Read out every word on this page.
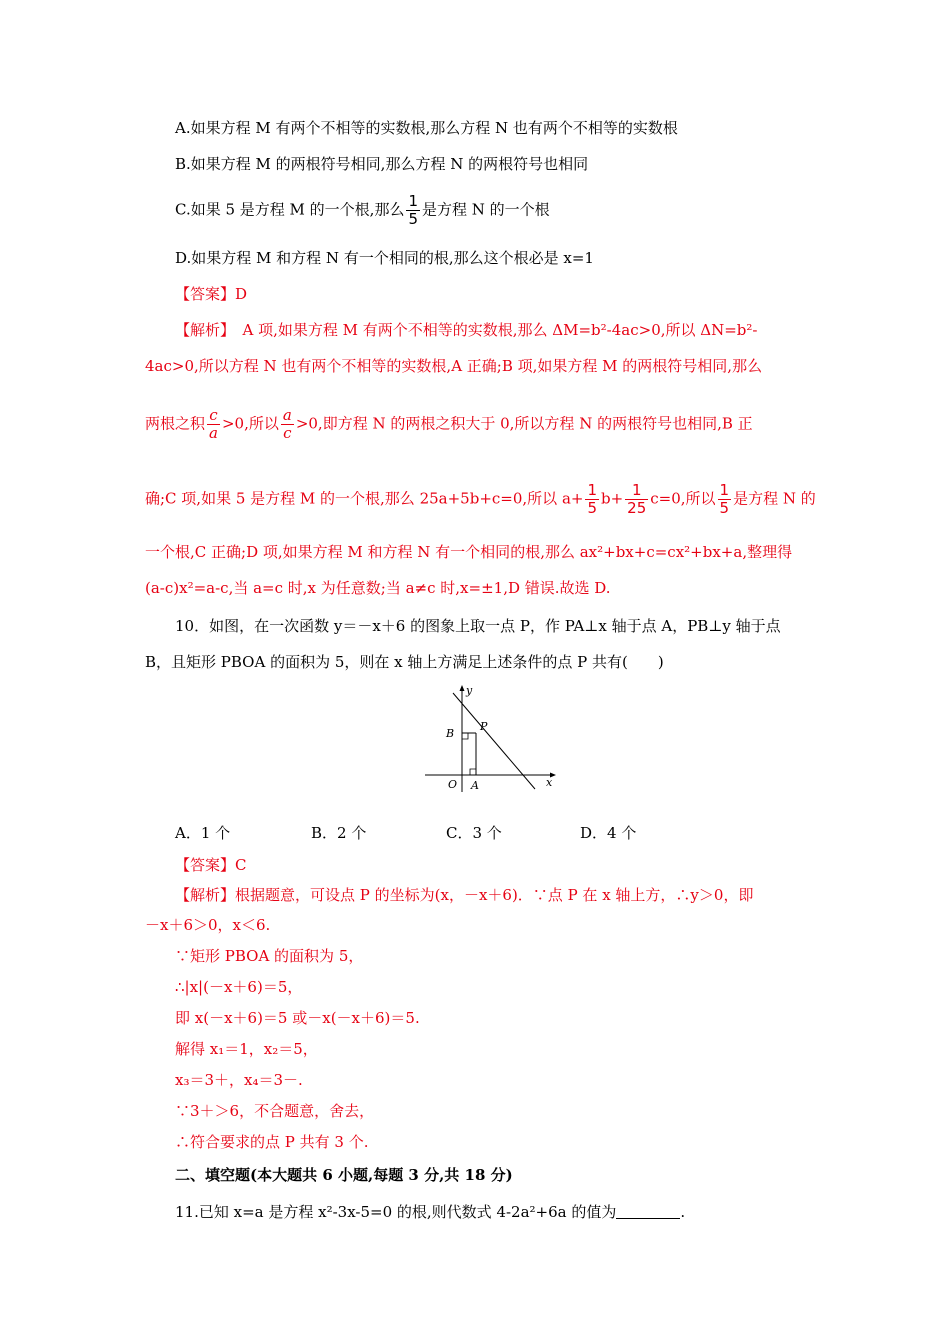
A.如果方程 M 有两个不相等的实数根,那么方程 N 也有两个不相等的实数根
B.如果方程 M 的两根符号相同,那么方程 N 的两根符号也相同
C.如果 5 是方程 M 的一个根,那么 $\frac{1}{5}$ 是方程 N 的一个根
D.如果方程 M 和方程 N 有一个相同的根,那么这个根必是 x=1
【答案】D
【解析】　A 项,如果方程 M 有两个不相等的实数根,那么 ΔM=b²-4ac>0,所以 ΔN=b²-
4ac>0,所以方程 N 也有两个不相等的实数根,A 正确;B 项,如果方程 M 的两根符号相同,那么
两根之积 $\frac{c}{a} >0$,所以 $\frac{a}{c} >0$,即方程 N 的两根之积大于 0,所以方程 N 的两根符号也相同,B 正
确;C 项,如果 5 是方程 M 的一个根,那么 25a+5b+c=0,所以 $a+ \frac{1}{5} b+ \frac{1}{25} c=0$,所以 $\frac{1}{5}$ 是方程 N 的
一个根,C 正确;D 项,如果方程 M 和方程 N 有一个相同的根,那么 ax²+bx+c=cx²+bx+a,整理得
(a-c)x²=a-c,当 a=c 时,x 为任意数;当 a≠c 时,x=±1,D 错误.故选 D.
10．如图，在一次函数 y＝－x＋6 的图象上取一点 P，作 PA⊥x 轴于点 A，PB⊥y 轴于点
B，且矩形 PBOA 的面积为 5，则在 x 轴上方满足上述条件的点 P 共有(　　)
y
P
B
O A	x
A．1 个	B．2 个	C．3 个	D．4 个
【答案】C
【解析】根据题意，可设点 P 的坐标为(x，－x＋6)．∵点 P 在 x 轴上方，∴y＞0，即
－x＋6＞0，x＜6.
∵矩形 PBOA 的面积为 5，
∴|x|(－x＋6)＝5，
即 x(－x＋6)＝5 或－x(－x＋6)＝5.
解得 x₁＝1，x₂＝5，
x₃＝3＋，x₄＝3－.
∵3＋＞6，不合题意，舍去，
∴符合要求的点 P 共有 3 个.
二、填空题(本大题共 6 小题,每题 3 分,共 18 分)
11.已知 x=a 是方程 x²-3x-5=0 的根,则代数式 4-2a²+6a 的值为	.
